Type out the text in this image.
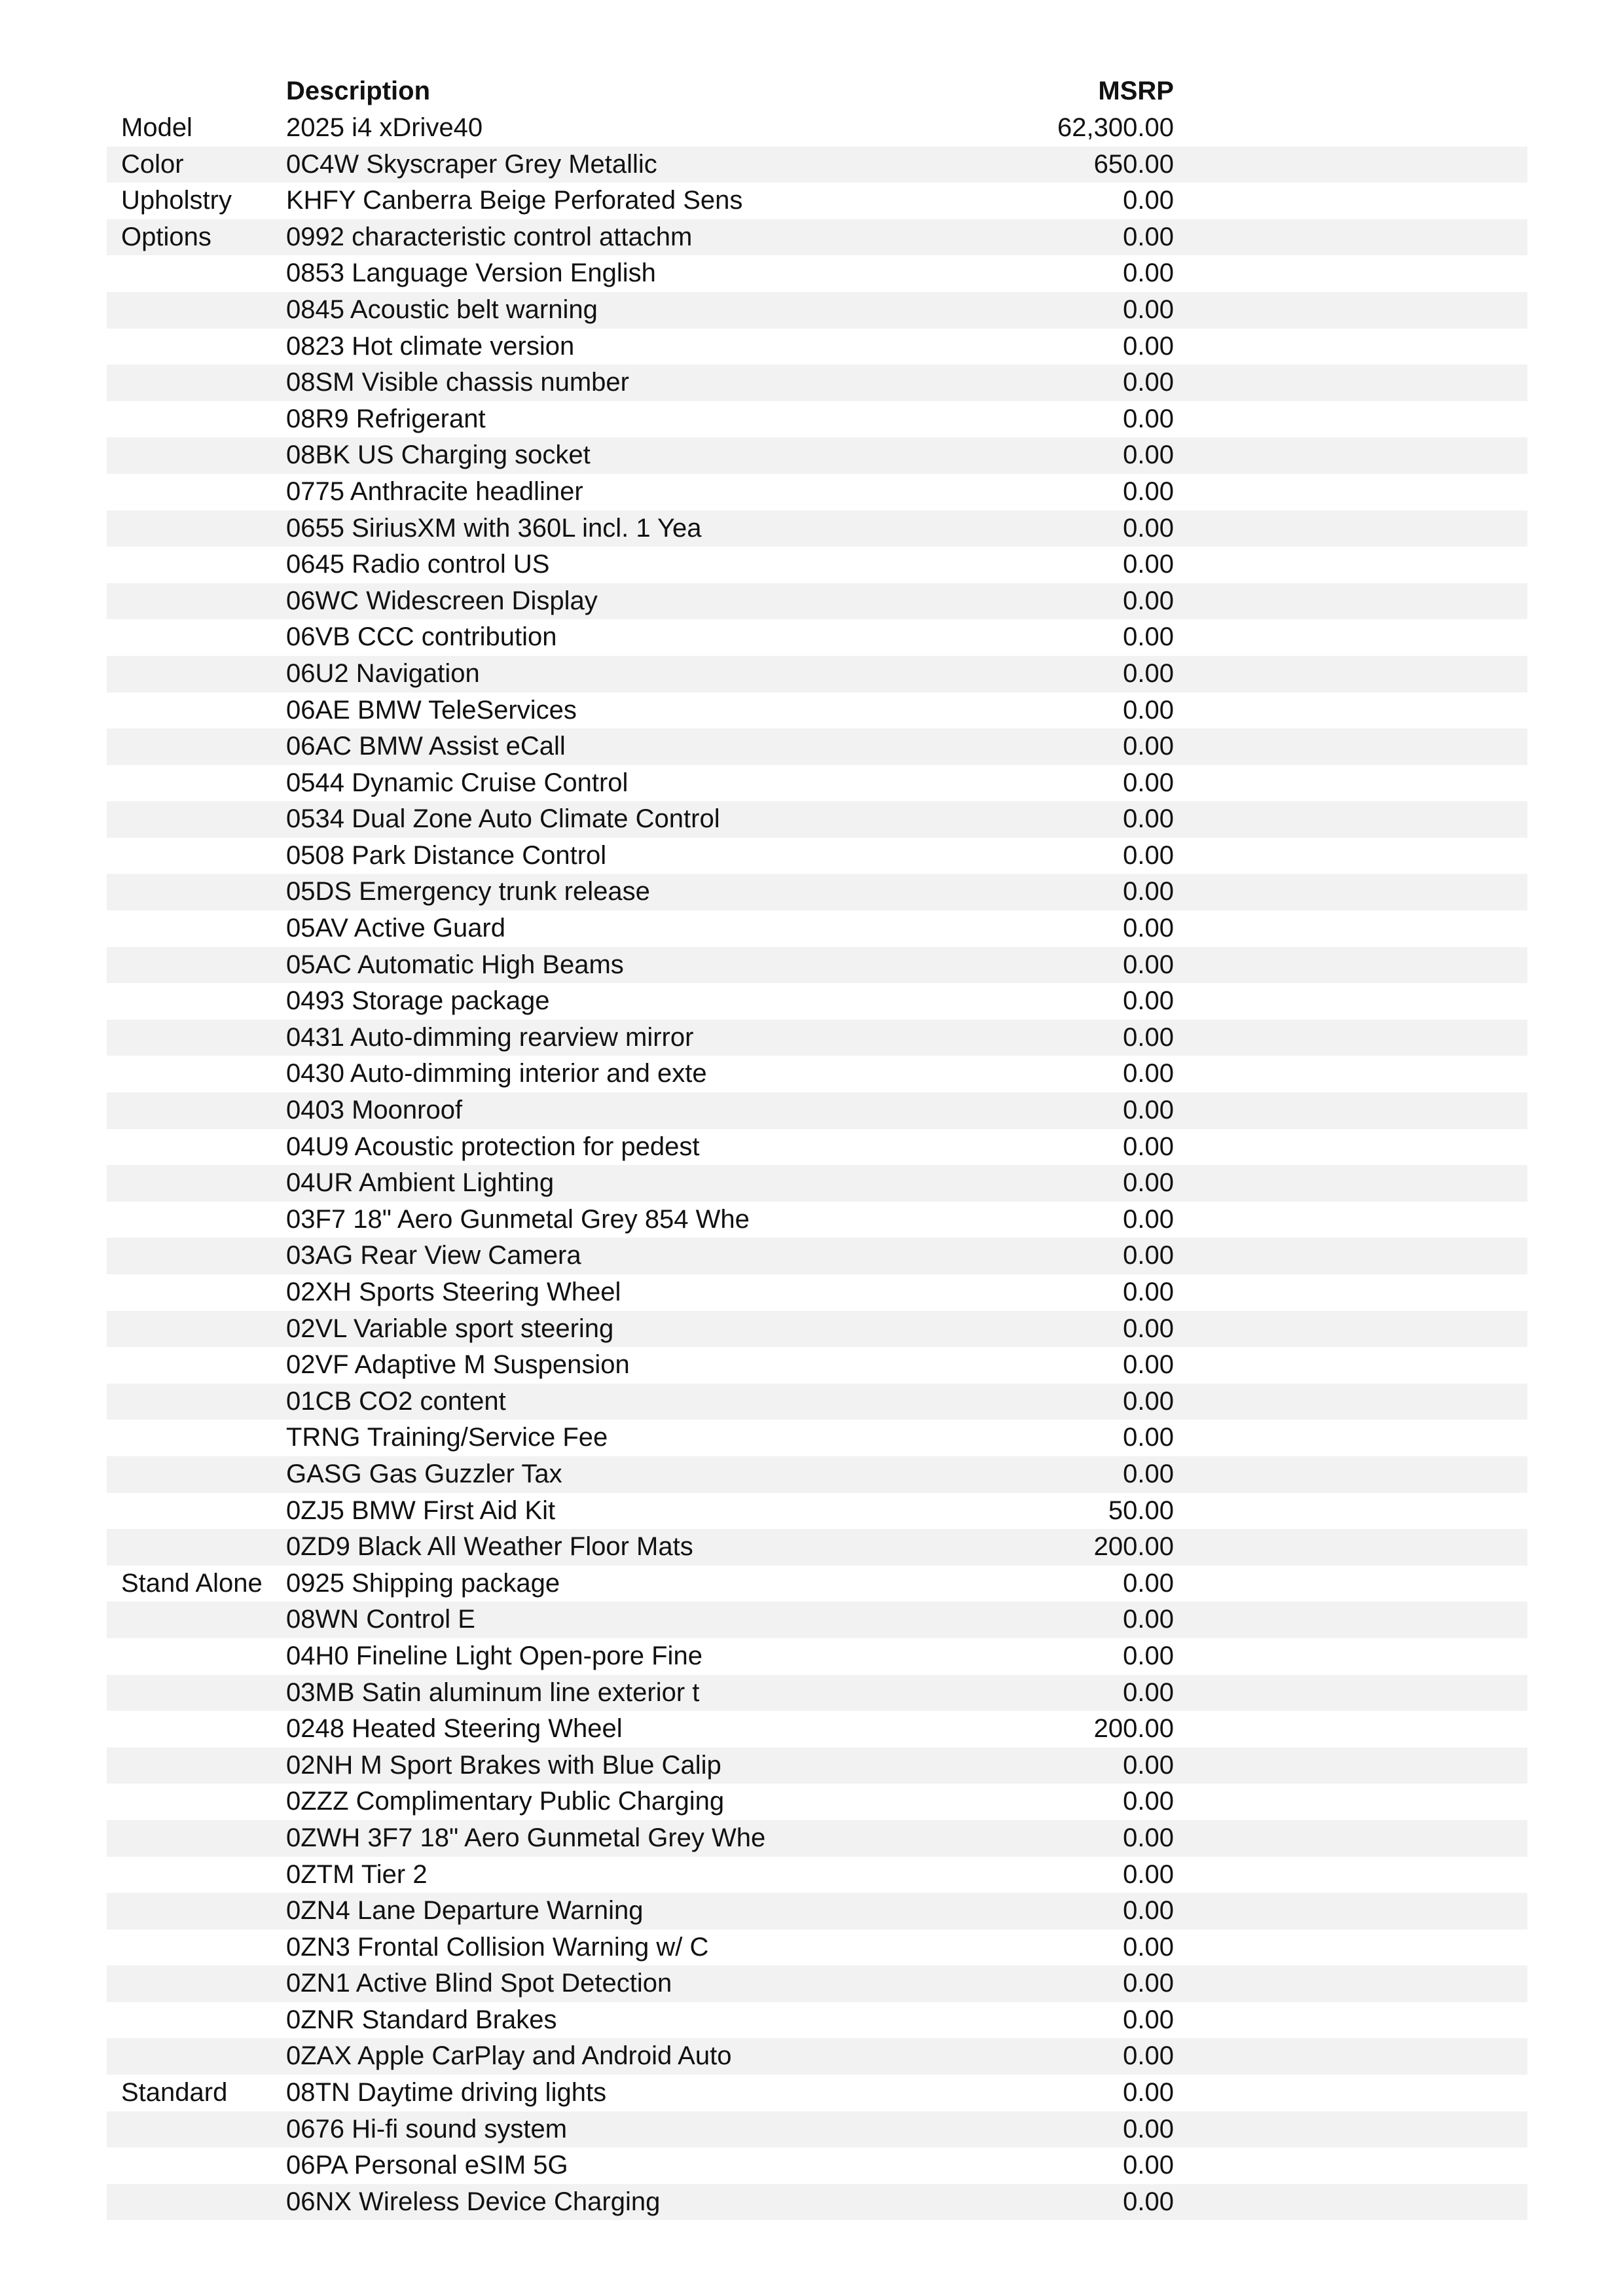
Description	MSRP
Model	2025 i4 xDrive40	62,300.00
Color	0C4W Skyscraper Grey Metallic	650.00
Upholstry KHFY Canberra Beige Perforated Sens	0.00
Options	0992 characteristic control attachm	0.00
0853 Language Version English	0.00
0845 Acoustic belt warning	0.00
0823 Hot climate version	0.00
08SM Visible chassis number	0.00
08R9 Refrigerant	0.00
08BK US Charging socket	0.00
0775 Anthracite headliner	0.00
0655 SiriusXM with 360L incl. 1 Yea	0.00
0645 Radio control US	0.00
06WC Widescreen Display	0.00
06VB CCC contribution	0.00
06U2 Navigation	0.00
06AE BMW TeleServices	0.00
06AC BMW Assist eCall	0.00
0544 Dynamic Cruise Control	0.00
0534 Dual Zone Auto Climate Control	0.00
0508 Park Distance Control	0.00
05DS Emergency trunk release	0.00
05AV Active Guard	0.00
05AC Automatic High Beams	0.00
0493 Storage package	0.00
0431 Auto-dimming rearview mirror	0.00
0430 Auto-dimming interior and exte	0.00
0403 Moonroof	0.00
04U9 Acoustic protection for pedest	0.00
04UR Ambient Lighting	0.00
03F7 18" Aero Gunmetal Grey 854 Whe	0.00
03AG Rear View Camera	0.00
02XH Sports Steering Wheel	0.00
02VL Variable sport steering	0.00
02VF Adaptive M Suspension	0.00
01CB CO2 content	0.00
TRNG Training/Service Fee	0.00
GASG Gas Guzzler Tax	0.00
0ZJ5 BMW First Aid Kit	50.00
0ZD9 Black All Weather Floor Mats	200.00
Stand Alone 0925 Shipping package	0.00
08WN Control E	0.00
04H0 Fineline Light Open-pore Fine	0.00
03MB Satin aluminum line exterior t	0.00
0248 Heated Steering Wheel	200.00
02NH M Sport Brakes with Blue Calip	0.00
0ZZZ Complimentary Public Charging	0.00
0ZWH 3F7 18" Aero Gunmetal Grey Whe	0.00
0ZTM Tier 2	0.00
0ZN4 Lane Departure Warning	0.00
0ZN3 Frontal Collision Warning w/ C	0.00
0ZN1 Active Blind Spot Detection	0.00
0ZNR Standard Brakes	0.00
0ZAX Apple CarPlay and Android Auto	0.00
Standard 08TN Daytime driving lights	0.00
0676 Hi-fi sound system	0.00
06PA Personal eSIM 5G	0.00
06NX Wireless Device Charging	0.00
